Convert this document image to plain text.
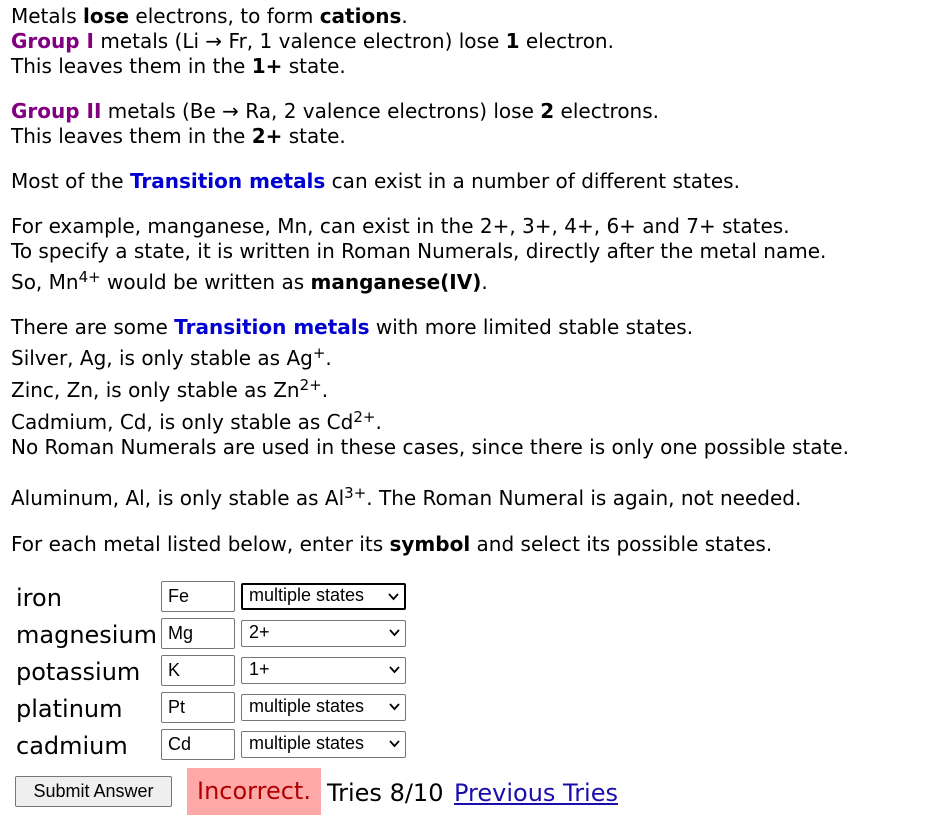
Metals lose electrons, to form cations.
Group I metals (Li → Fr, 1 valence electron) lose 1 electron.
This leaves them in the 1+ state.
Group II metals (Be → Ra, 2 valence electrons) lose 2 electrons.
This leaves them in the 2+ state.
Most of the Transition metals can exist in a number of different states.
For example, manganese, Mn, can exist in the 2+, 3+, 4+, 6+ and 7+ states.
To specify a state, it is written in Roman Numerals, directly after the metal name.
So, $Mn^{4+}$ would be written as manganese(IV).
There are some Transition metals with more limited stable states.
Silver, Ag, is only stable as Ag+.
Zinc, Zn, is only stable as $Zn^{2+}$.
Cadmium, Cd, is only stable as $Cd^{2+}$.
No Roman Numerals are used in these cases, since there is only one possible state.
Aluminum, Al, is only stable as $Al^{3+}$. The Roman Numeral is again, not needed.
For each metal listed below, enter its symbol and select its possible states.
iron	Fe	multiple states
magnesium Mg	2+
potassium	K	1+
platinum	Pt	multiple states
cadmium	Cd	multiple states
Submit Answer	Incorrect. Tries 8/10 Previous Tries
